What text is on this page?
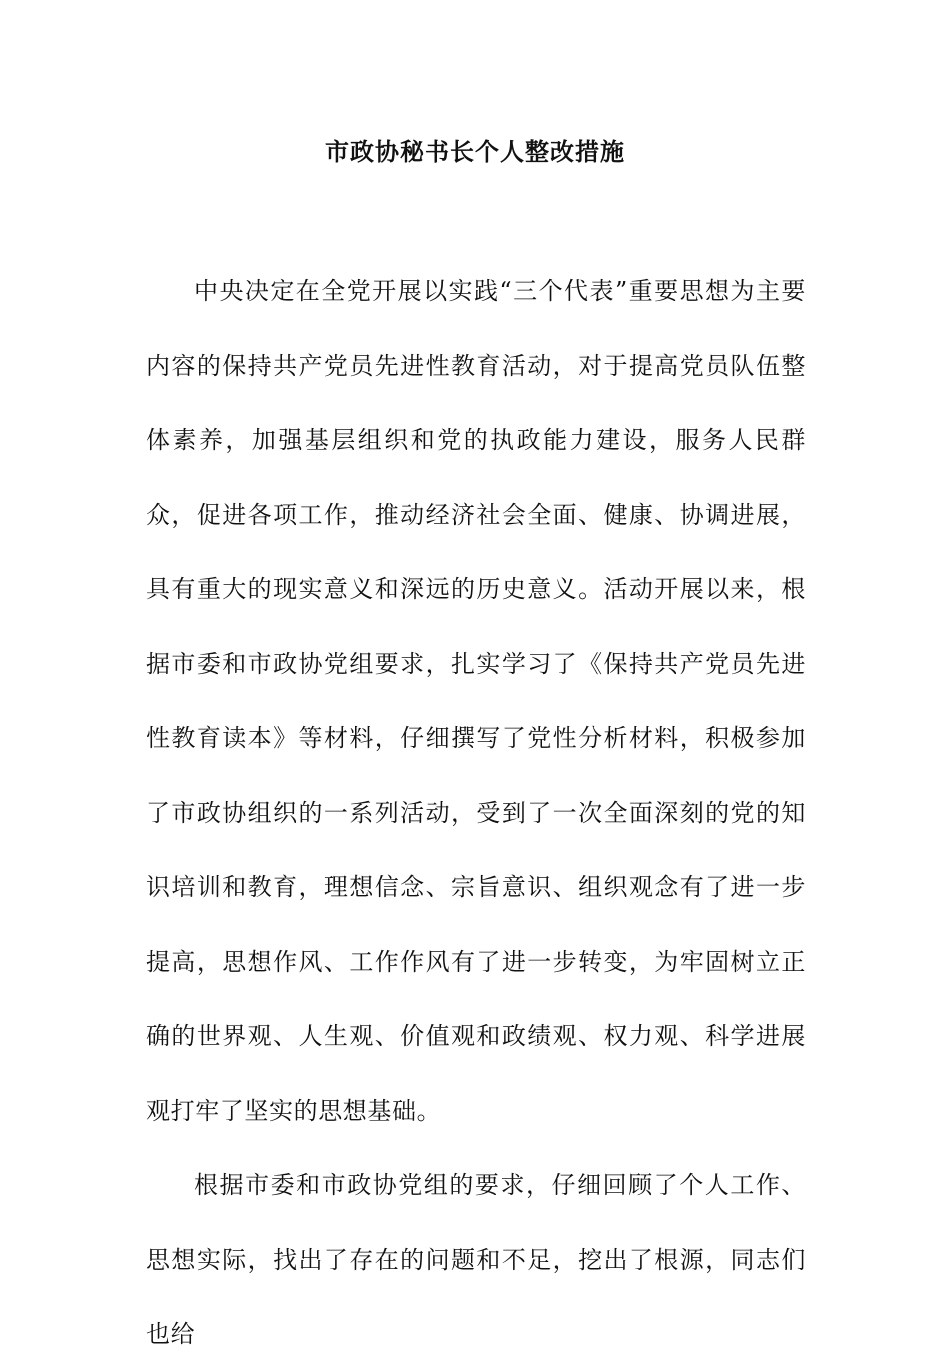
市政协秘书长个人整改措施

中央决定在全党开展以实践“三个代表”重要思想为主要内容的保持共产党员先进性教育活动，对于提高党员队伍整体素养，加强基层组织和党的执政能力建设，服务人民群众，促进各项工作，推动经济社会全面、健康、协调进展，具有重大的现实意义和深远的历史意义。活动开展以来，根据市委和市政协党组要求，扎实学习了《保持共产党员先进性教育读本》等材料，仔细撰写了党性分析材料，积极参加了市政协组织的一系列活动，受到了一次全面深刻的党的知识培训和教育，理想信念、宗旨意识、组织观念有了进一步提高，思想作风、工作作风有了进一步转变，为牢固树立正确的世界观、人生观、价值观和政绩观、权力观、科学进展观打牢了坚实的思想基础。

根据市委和市政协党组的要求，仔细回顾了个人工作、思想实际，找出了存在的问题和不足，挖出了根源，同志们也给
